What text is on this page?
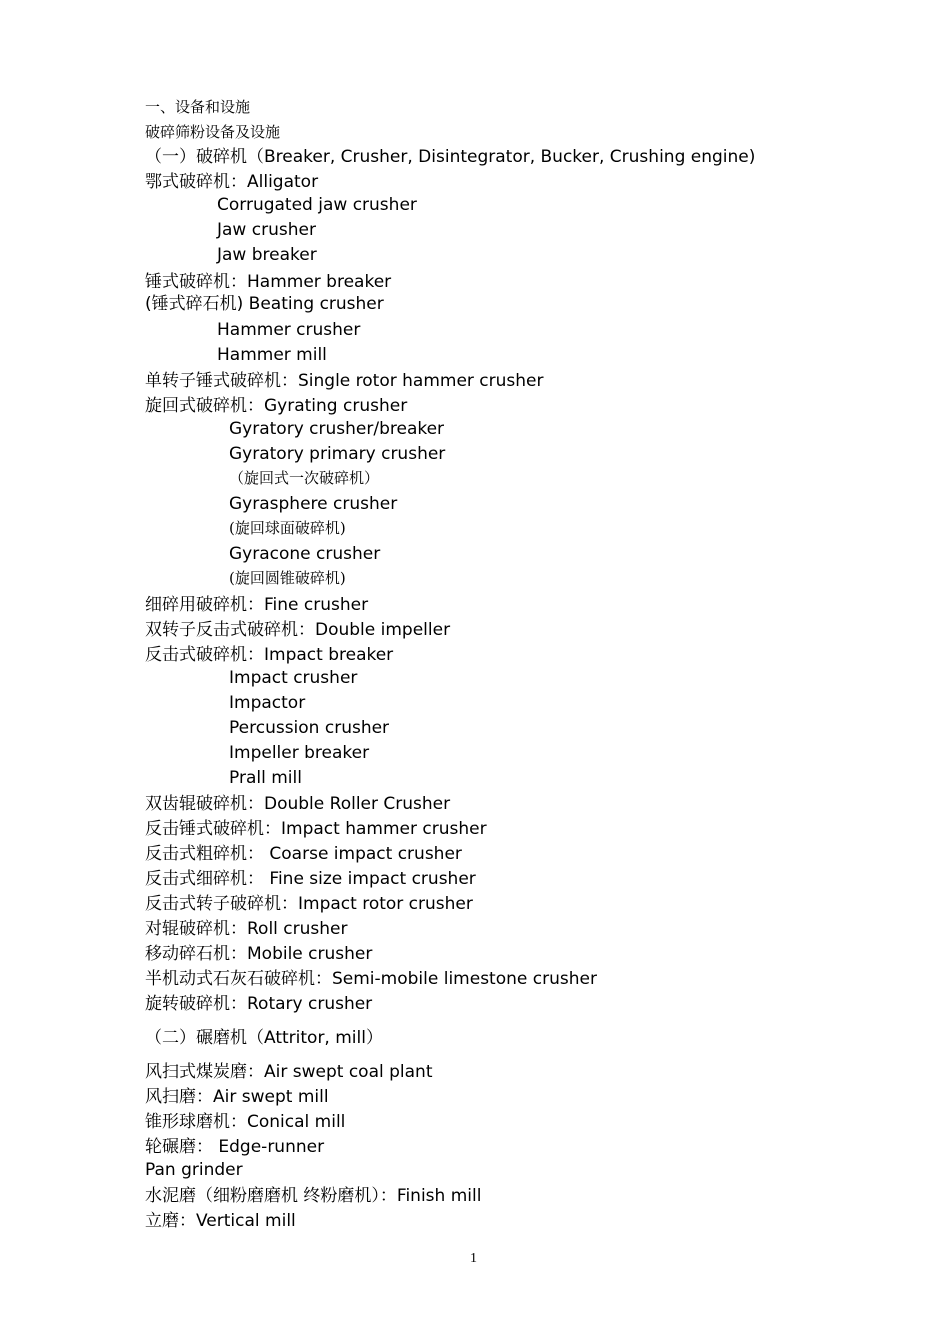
一、设备和设施
破碎筛粉设备及设施
（一）破碎机（Breaker, Crusher, Disintegrator, Bucker, Crushing engine)
鄂式破碎机：Alligator
Corrugated jaw crusher
Jaw crusher
Jaw breaker
锤式破碎机：Hammer breaker
(锤式碎石机) Beating crusher
Hammer crusher
Hammer mill
单转子锤式破碎机：Single rotor hammer crusher
旋回式破碎机：Gyrating crusher
Gyratory crusher/breaker
Gyratory primary crusher
（旋回式一次破碎机）
Gyrasphere crusher
(旋回球面破碎机)
Gyracone crusher
(旋回圆锥破碎机)
细碎用破碎机：Fine crusher
双转子反击式破碎机：Double impeller
反击式破碎机：Impact breaker
Impact crusher
Impactor
Percussion crusher
Impeller breaker
Prall mill
双齿辊破碎机：Double Roller Crusher
反击锤式破碎机：Impact hammer crusher
反击式粗碎机： Coarse impact crusher
反击式细碎机： Fine size impact crusher
反击式转子破碎机：Impact rotor crusher
对辊破碎机：Roll crusher
移动碎石机：Mobile crusher
半机动式石灰石破碎机：Semi-mobile limestone crusher
旋转破碎机：Rotary crusher
（二）碾磨机（Attritor, mill）
风扫式煤炭磨：Air swept coal plant
风扫磨：Air swept mill
锥形球磨机：Conical mill
轮碾磨： Edge-runner
Pan grinder
水泥磨（细粉磨磨机 终粉磨机）：Finish mill
立磨：Vertical mill
1
